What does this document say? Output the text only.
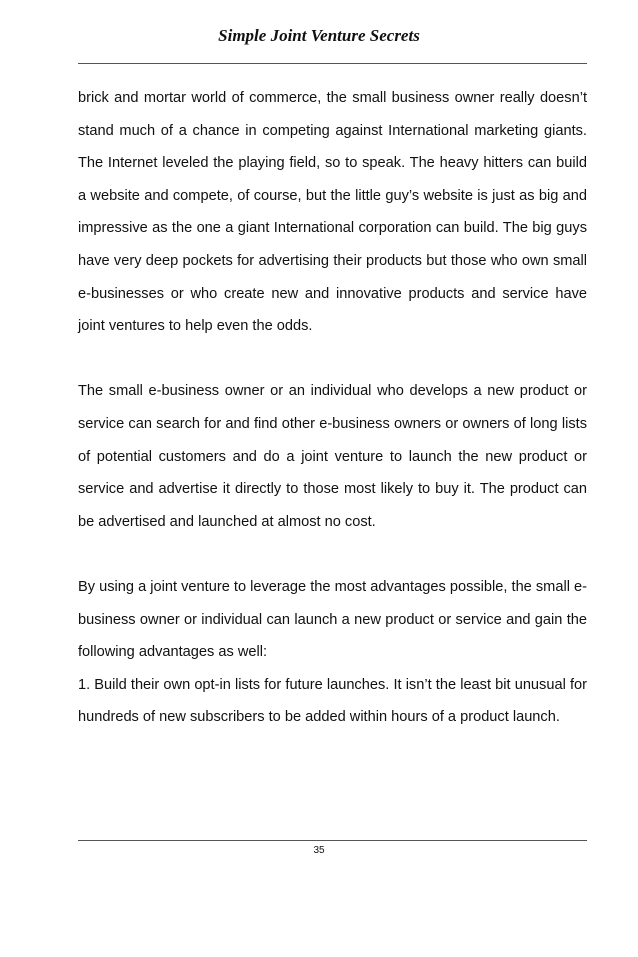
Simple Joint Venture Secrets

brick and mortar world of commerce, the small business owner really doesn’t stand much of a chance in competing against International marketing giants. The Internet leveled the playing field, so to speak. The heavy hitters can build a website and compete, of course, but the little guy’s website is just as big and impressive as the one a giant International corporation can build. The big guys have very deep pockets for advertising their products but those who own small e-businesses or who create new and innovative products and service have joint ventures to help even the odds.

The small e-business owner or an individual who develops a new product or service can search for and find other e-business owners or owners of long lists of potential customers and do a joint venture to launch the new product or service and advertise it directly to those most likely to buy it. The product can be advertised and launched at almost no cost.

By using a joint venture to leverage the most advantages possible, the small e-business owner or individual can launch a new product or service and gain the following advantages as well:

1. Build their own opt-in lists for future launches. It isn’t the least bit unusual for hundreds of new subscribers to be added within hours of a product launch.

35
